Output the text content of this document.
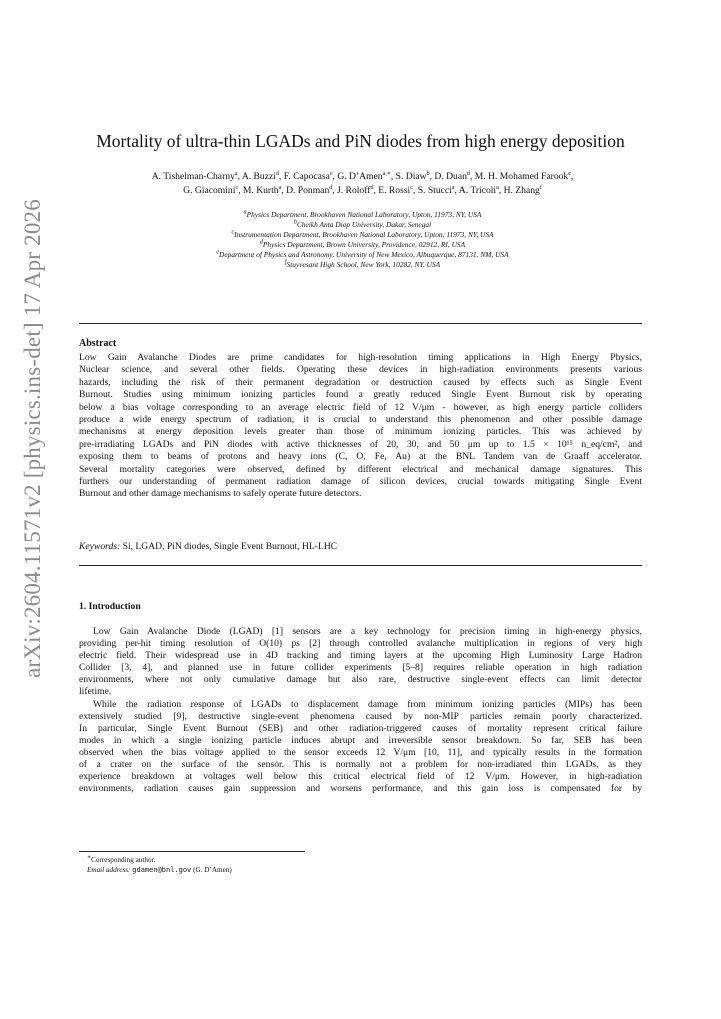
arXiv:2604.11571v2 [physics.ins-det] 17 Apr 2026
Mortality of ultra-thin LGADs and PiN diodes from high energy deposition
A. Tishelman-Charny$^a$, A. Buzzi$^d$, F. Capocasa$^c$, G. D’Amen$^{a,∗}$, S. Diaw$^b$, D. Duan$^d$, M. H. Mohamed Farook$^e$,
G. Giacomini$^c$, M. Kurth$^a$, D. Ponman$^d$, J. Roloff$^d$, E. Rossi$^c$, S. Stucci$^a$, A. Tricoli$^a$, H. Zhang$^f$
$^a$Physics Department, Brookhaven National Laboratory, Upton, 11973, NY, USA
$^b$Cheikh Anta Diop University, Dakar, Senegal
$^c$Instrumentation Department, Brookhaven National Laboratory, Upton, 11973, NY, USA
$^d$Physics Department, Brown University, Providence, 02912, RI, USA
$^e$Department of Physics and Astronomy, University of New Mexico, Albuquerque, 87131, NM, USA
$^f$Stuyvesant High School, New York, 10282, NY, USA
Abstract
Low Gain Avalanche Diodes are prime candidates for high-resolution timing applications in High Energy Physics,
Nuclear science, and several other fields. Operating these devices in high-radiation environments presents various
hazards, including the risk of their permanent degradation or destruction caused by effects such as Single Event
Burnout. Studies using minimum ionizing particles found a greatly reduced Single Event Burnout risk by operating
below a bias voltage corresponding to an average electric field of 12 V/μm - however, as high energy particle colliders
produce a wide energy spectrum of radiation, it is crucial to understand this phenomenon and other possible damage
mechanisms at energy deposition levels greater than those of minimum ionizing particles. This was achieved by
pre-irradiating LGADs and PiN diodes with active thicknesses of 20, 30, and 50 μm up to 1.5 × 10¹⁵ n_eq/cm², and
exposing them to beams of protons and heavy ions (C, O, Fe, Au) at the BNL Tandem van de Graaff accelerator.
Several mortality categories were observed, defined by different electrical and mechanical damage signatures. This
furthers our understanding of permanent radiation damage of silicon devices, crucial towards mitigating Single Event
Burnout and other damage mechanisms to safely operate future detectors.
Keywords: Si, LGAD, PiN diodes, Single Event Burnout, HL-LHC
1. Introduction
Low Gain Avalanche Diode (LGAD) [1] sensors are a key technology for precision timing in high-energy physics,
providing per-hit timing resolution of O(10) ps [2] through controlled avalanche multiplication in regions of very high
electric field. Their widespread use in 4D tracking and timing layers at the upcoming High Luminosity Large Hadron
Collider [3, 4], and planned use in future collider experiments [5–8] requires reliable operation in high radiation
environments, where not only cumulative damage but also rare, destructive single-event effects can limit detector
lifetime.
While the radiation response of LGADs to displacement damage from minimum ionizing particles (MIPs) has been
extensively studied [9], destructive single-event phenomena caused by non-MIP particles remain poorly characterized.
In particular, Single Event Burnout (SEB) and other radiation-triggered causes of mortality represent critical failure
modes in which a single ionizing particle induces abrupt and irreversible sensor breakdown. So far, SEB has been
observed when the bias voltage applied to the sensor exceeds 12 V/μm [10, 11], and typically results in the formation
of a crater on the surface of the sensor. This is normally not a problem for non-irradiated thin LGADs, as they
experience breakdown at voltages well below this critical electrical field of 12 V/μm. However, in high-radiation
environments, radiation causes gain suppression and worsens performance, and this gain loss is compensated for by
∗Corresponding author.
Email address: gdamen@bnl.gov (G. D’Amen)
